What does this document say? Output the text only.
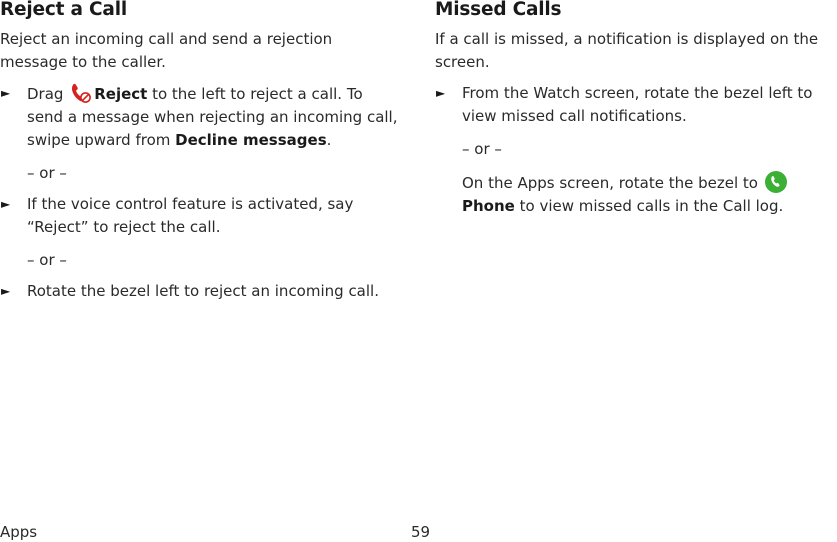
Reject a Call

Reject an incoming call and send a rejection message to the caller.

► Drag Reject to the left to reject a call. To send a message when rejecting an incoming call, swipe upward from Decline messages.
– or –
► If the voice control feature is activated, say “Reject” to reject the call.
– or –
► Rotate the bezel left to reject an incoming call.
Missed Calls

If a call is missed, a notification is displayed on the screen.

► From the Watch screen, rotate the bezel left to view missed call notifications.
– or –
On the Apps screen, rotate the bezel to Phone to view missed calls in the Call log.
Apps	59
